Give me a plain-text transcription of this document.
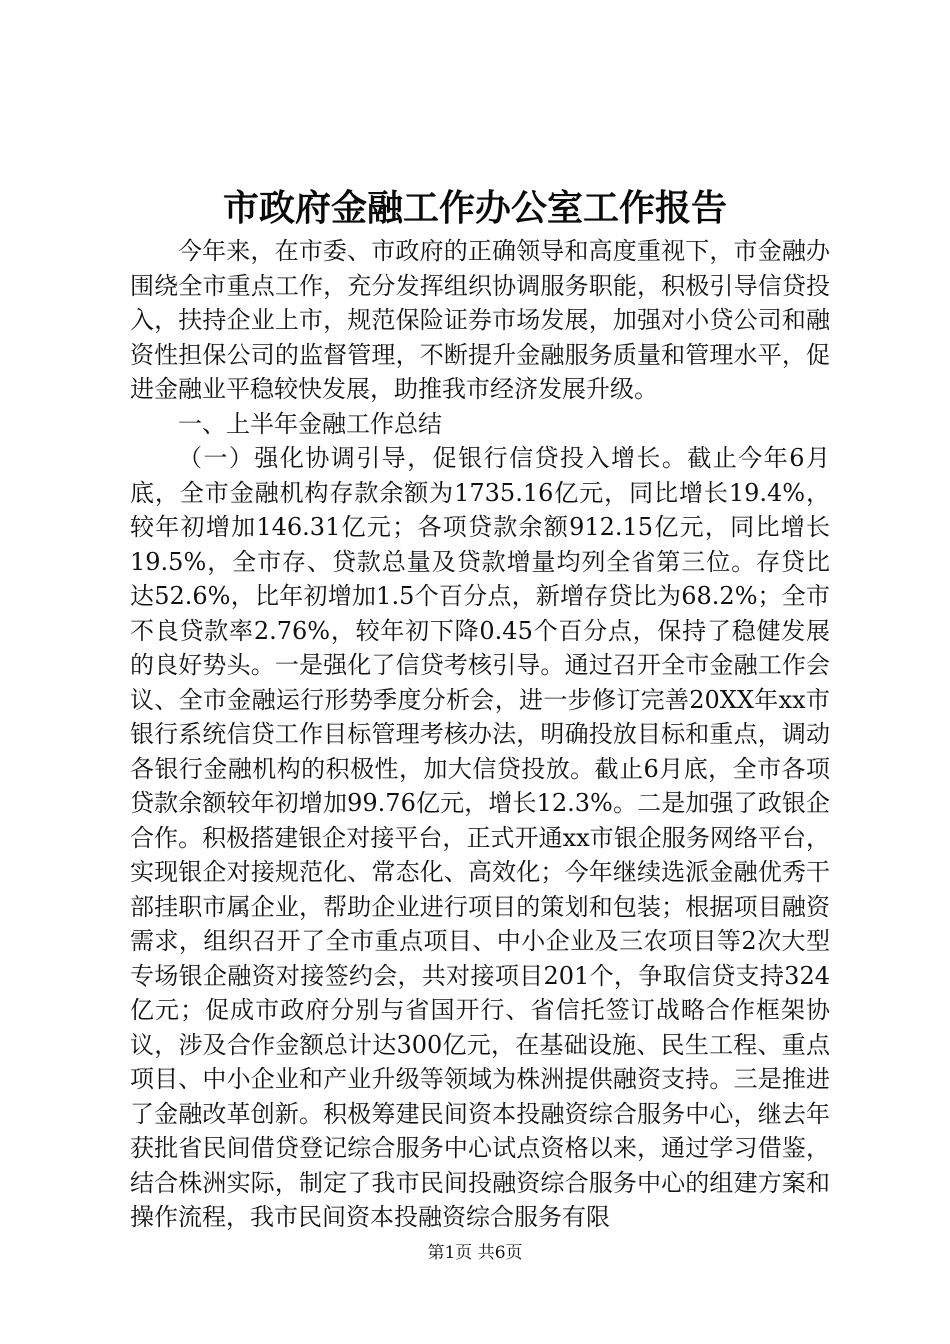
市政府金融工作办公室工作报告

今年来，在市委、市政府的正确领导和高度重视下，市金融办围绕全市重点工作，充分发挥组织协调服务职能，积极引导信贷投入，扶持企业上市，规范保险证券市场发展，加强对小贷公司和融资性担保公司的监督管理，不断提升金融服务质量和管理水平，促进金融业平稳较快发展，助推我市经济发展升级。

一、上半年金融工作总结

（一）强化协调引导，促银行信贷投入增长。截止今年6月底，全市金融机构存款余额为1735.16亿元，同比增长19.4%，较年初增加146.31亿元；各项贷款余额912.15亿元，同比增长19.5%，全市存、贷款总量及贷款增量均列全省第三位。存贷比达52.6%，比年初增加1.5个百分点，新增存贷比为68.2%；全市不良贷款率2.76%，较年初下降0.45个百分点，保持了稳健发展的良好势头。一是强化了信贷考核引导。通过召开全市金融工作会议、全市金融运行形势季度分析会，进一步修订完善20XX年xx市银行系统信贷工作目标管理考核办法，明确投放目标和重点，调动各银行金融机构的积极性，加大信贷投放。截止6月底，全市各项贷款余额较年初增加99.76亿元，增长12.3%。二是加强了政银企合作。积极搭建银企对接平台，正式开通xx市银企服务网络平台，实现银企对接规范化、常态化、高效化；今年继续选派金融优秀干部挂职市属企业，帮助企业进行项目的策划和包装；根据项目融资需求，组织召开了全市重点项目、中小企业及三农项目等2次大型专场银企融资对接签约会，共对接项目201个，争取信贷支持324亿元；促成市政府分别与省国开行、省信托签订战略合作框架协议，涉及合作金额总计达300亿元，在基础设施、民生工程、重点项目、中小企业和产业升级等领域为株洲提供融资支持。三是推进了金融改革创新。积极筹建民间资本投融资综合服务中心，继去年获批省民间借贷登记综合服务中心试点资格以来，通过学习借鉴，结合株洲实际，制定了我市民间投融资综合服务中心的组建方案和操作流程，我市民间资本投融资综合服务有限

第1页 共6页
